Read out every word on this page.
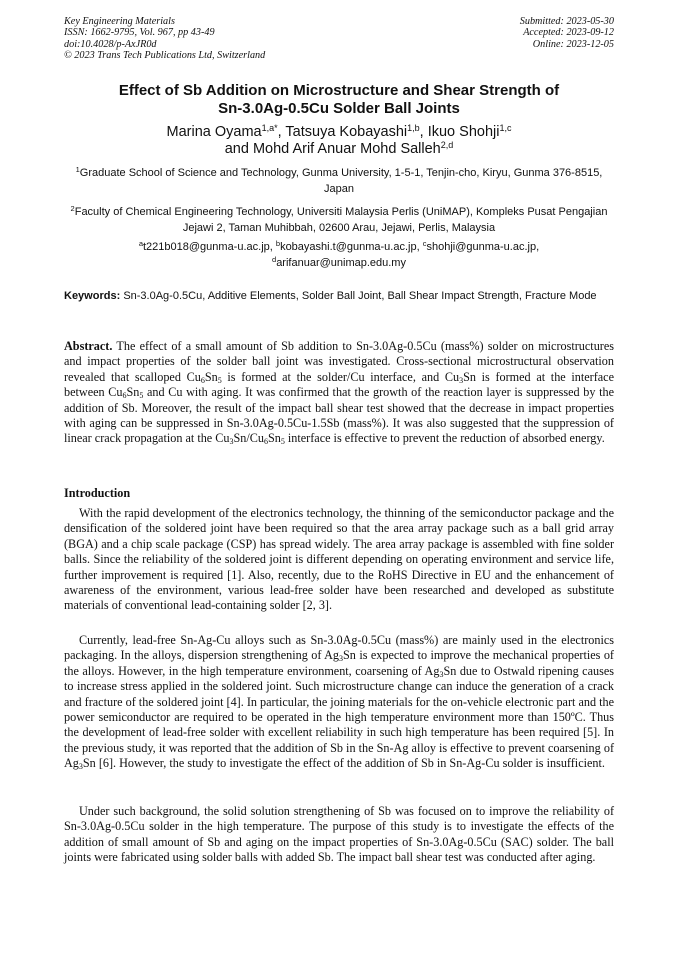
Key Engineering Materials
ISSN: 1662-9795, Vol. 967, pp 43-49
doi:10.4028/p-AxJR0d
© 2023 Trans Tech Publications Ltd, Switzerland
Submitted: 2023-05-30
Accepted: 2023-09-12
Online: 2023-12-05
Effect of Sb Addition on Microstructure and Shear Strength of
Sn-3.0Ag-0.5Cu Solder Ball Joints
Marina Oyama$^{1,a*}$, Tatsuya Kobayashi$^{1,b}$, Ikuo Shohji$^{1,c}$
and Mohd Arif Anuar Mohd Salleh$^{2,d}$
$^1$Graduate School of Science and Technology, Gunma University, 1-5-1, Tenjin-cho, Kiryu, Gunma 376-8515, Japan
$^2$Faculty of Chemical Engineering Technology, Universiti Malaysia Perlis (UniMAP), Kompleks Pusat Pengajian Jejawi 2, Taman Muhibbah, 02600 Arau, Jejawi, Perlis, Malaysia
$^a$t221b018@gunma-u.ac.jp, $^b$kobayashi.t@gunma-u.ac.jp, $^c$shohji@gunma-u.ac.jp,
$^d$arifanuar@unimap.edu.my
Keywords: Sn-3.0Ag-0.5Cu, Additive Elements, Solder Ball Joint, Ball Shear Impact Strength, Fracture Mode
Abstract. The effect of a small amount of Sb addition to Sn-3.0Ag-0.5Cu (mass%) solder on microstructures and impact properties of the solder ball joint was investigated. Cross-sectional microstructural observation revealed that scalloped $Cu_6Sn_5$ is formed at the solder/Cu interface, and $Cu_3Sn$ is formed at the interface between $Cu_6Sn_5$ and Cu with aging. It was confirmed that the growth of the reaction layer is suppressed by the addition of Sb. Moreover, the result of the impact ball shear test showed that the decrease in impact properties with aging can be suppressed in Sn-3.0Ag-0.5Cu-1.5Sb (mass%). It was also suggested that the suppression of linear crack propagation at the $Cu_3Sn/Cu_6Sn_5$ interface is effective to prevent the reduction of absorbed energy.
Introduction
With the rapid development of the electronics technology, the thinning of the semiconductor package and the densification of the soldered joint have been required so that the area array package such as a ball grid array (BGA) and a chip scale package (CSP) has spread widely. The area array package is assembled with fine solder balls. Since the reliability of the soldered joint is different depending on operating environment and service life, further improvement is required [1]. Also, recently, due to the RoHS Directive in EU and the enhancement of awareness of the environment, various lead-free solder have been researched and developed as substitute materials of conventional lead-containing solder [2, 3].
Currently, lead-free Sn-Ag-Cu alloys such as Sn-3.0Ag-0.5Cu (mass%) are mainly used in the electronics packaging. In the alloys, dispersion strengthening of $Ag_3Sn$ is expected to improve the mechanical properties of the alloys. However, in the high temperature environment, coarsening of $Ag_3Sn$ due to Ostwald ripening causes to increase stress applied in the soldered joint. Such microstructure change can induce the generation of a crack and fracture of the soldered joint [4]. In particular, the joining materials for the on-vehicle electronic part and the power semiconductor are required to be operated in the high temperature environment more than 150ºC. Thus the development of lead-free solder with excellent reliability in such high temperature has been required [5]. In the previous study, it was reported that the addition of Sb in the Sn-Ag alloy is effective to prevent coarsening of $Ag_3Sn$ [6]. However, the study to investigate the effect of the addition of Sb in Sn-Ag-Cu solder is insufficient.
Under such background, the solid solution strengthening of Sb was focused on to improve the reliability of Sn-3.0Ag-0.5Cu solder in the high temperature. The purpose of this study is to investigate the effects of the addition of small amount of Sb and aging on the impact properties of Sn-3.0Ag-0.5Cu (SAC) solder. The ball joints were fabricated using solder balls with added Sb. The impact ball shear test was conducted after aging.
